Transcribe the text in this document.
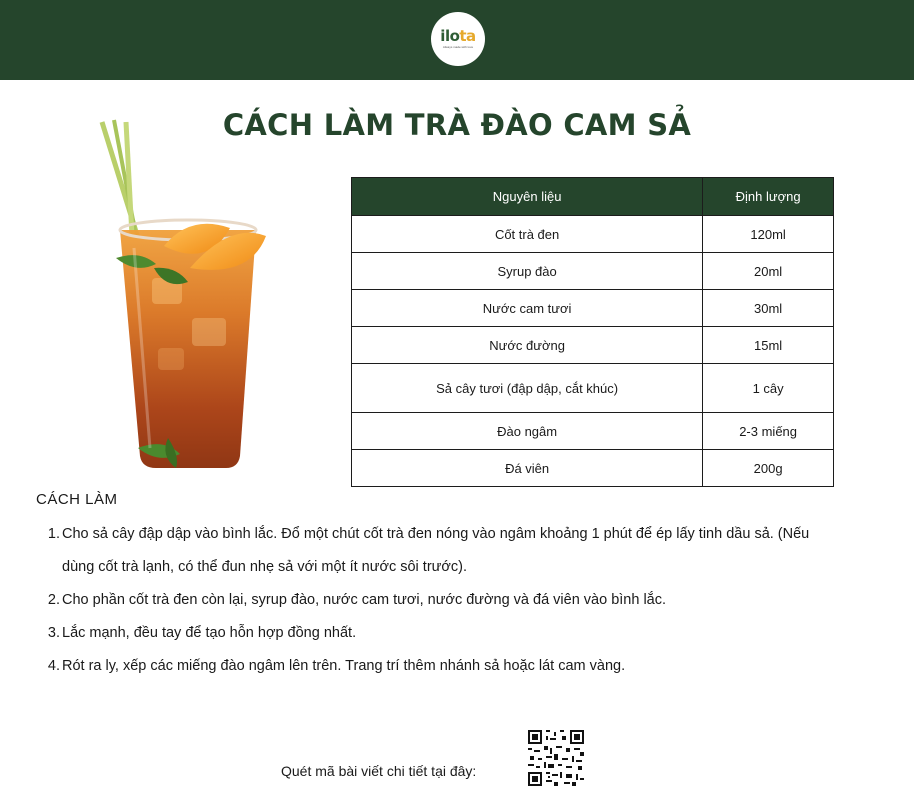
ilota
Always made with love
CÁCH LÀM TRÀ ĐÀO CAM SẢ
Nguyên liệu	Định lượng
Cốt trà đen	120ml
Syrup đào	20ml
Nước cam tươi	30ml
Nước đường	15ml
Sả cây tươi (đập dập, cắt khúc)	1 cây
Đào ngâm	2-3 miếng
Đá viên	200g
CÁCH LÀM
1. Cho sả cây đập dập vào bình lắc. Đổ một chút cốt trà đen nóng vào ngâm khoảng 1 phút để ép lấy tinh dầu sả. (Nếu
dùng cốt trà lạnh, có thể đun nhẹ sả với một ít nước sôi trước).
2. Cho phần cốt trà đen còn lại, syrup đào, nước cam tươi, nước đường và đá viên vào bình lắc.
3. Lắc mạnh, đều tay để tạo hỗn hợp đồng nhất.
4. Rót ra ly, xếp các miếng đào ngâm lên trên. Trang trí thêm nhánh sả hoặc lát cam vàng.
Quét mã bài viết chi tiết tại đây:
